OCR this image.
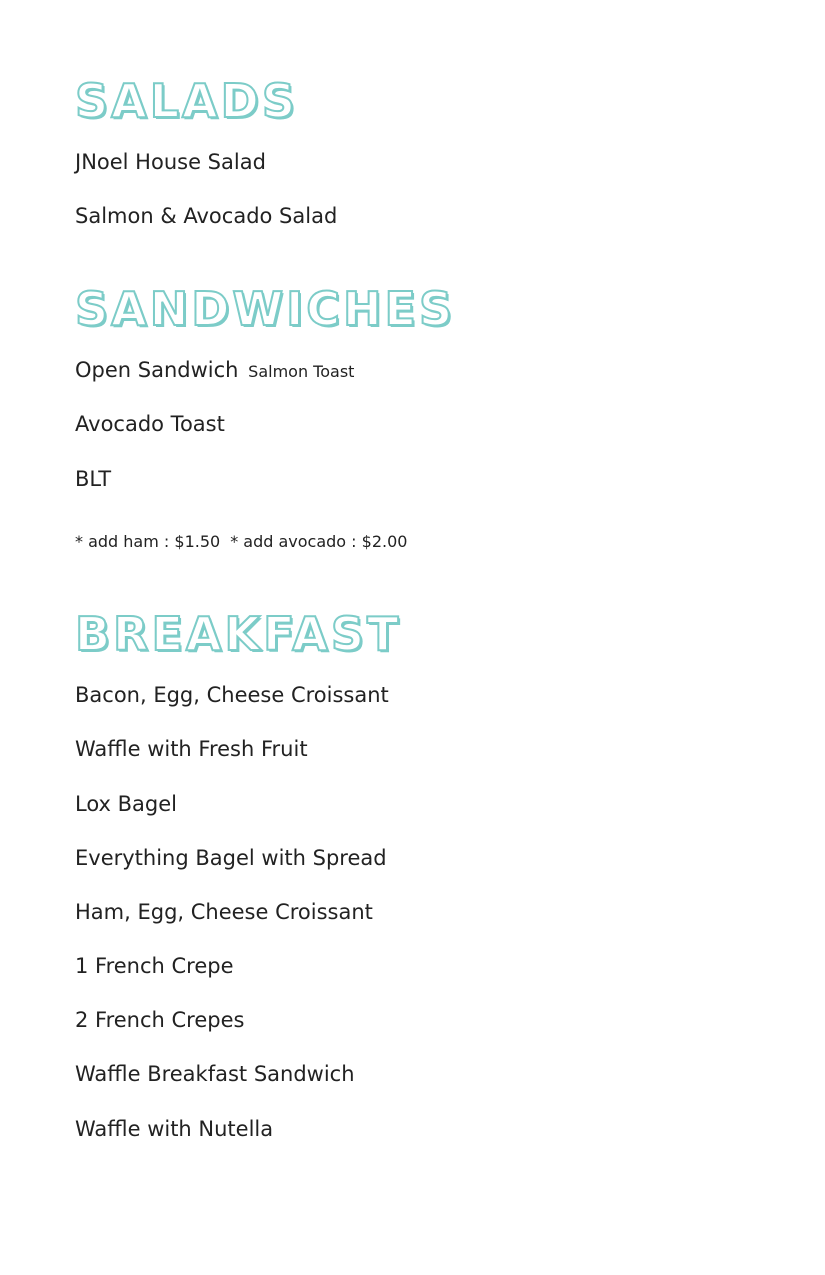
SALADS

JNoel House Salad

Salmon & Avocado Salad

SANDWICHES

Open Sandwich Salmon Toast

Avocado Toast

BLT

* add ham : $1.50 * add avocado : $2.00

BREAKFAST

Bacon, Egg, Cheese Croissant

Waffle with Fresh Fruit

Lox Bagel

Everything Bagel with Spread

Ham, Egg, Cheese Croissant

1 French Crepe

2 French Crepes

Waffle Breakfast Sandwich

Waffle with Nutella
